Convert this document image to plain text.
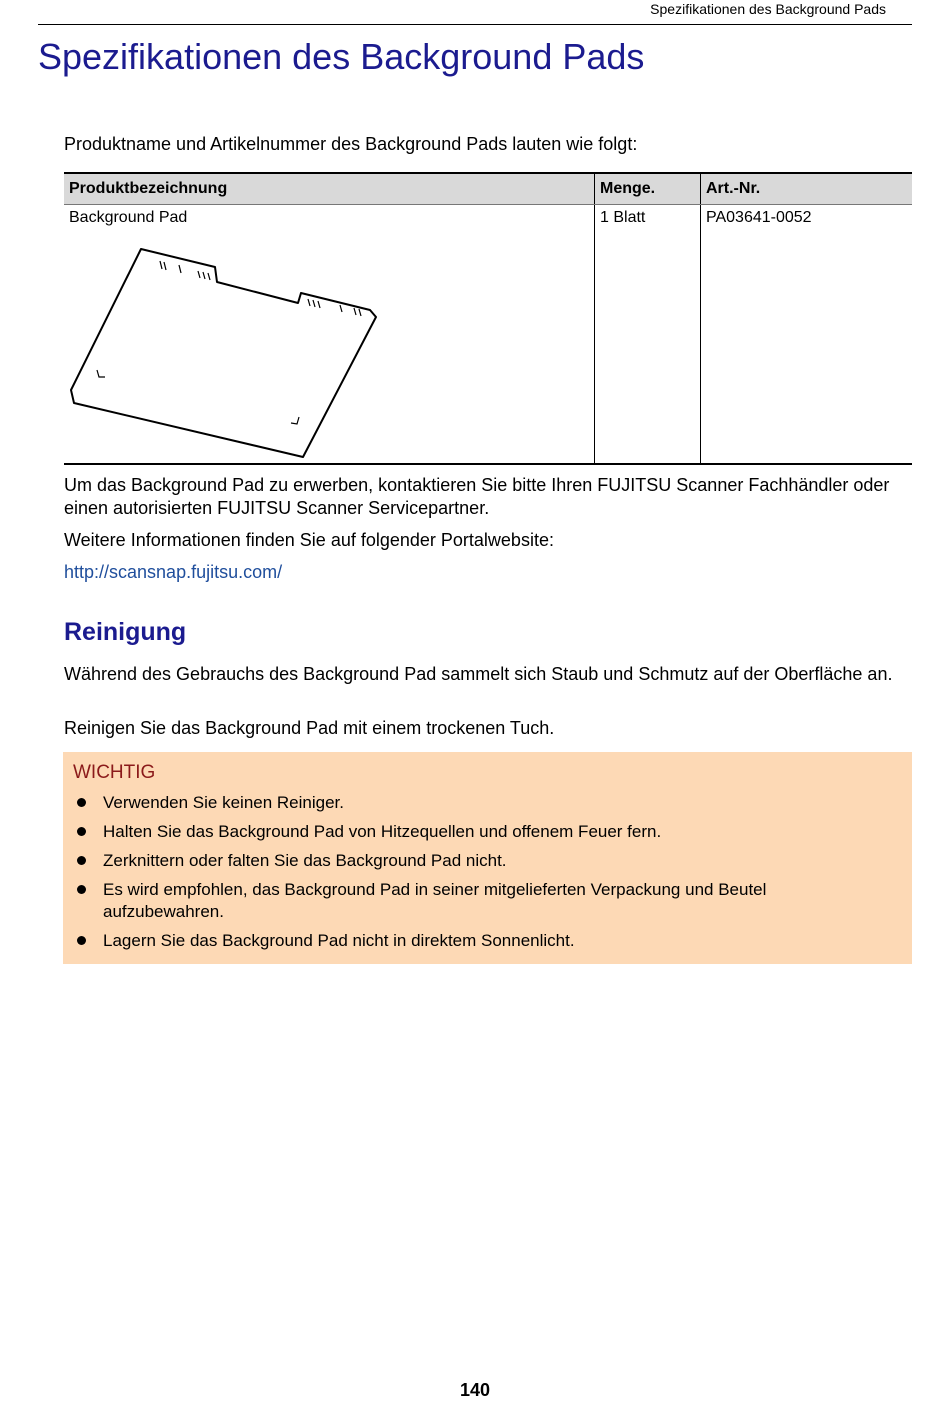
Spezifikationen des Background Pads
Spezifikationen des Background Pads

Produktname und Artikelnummer des Background Pads lauten wie folgt:

Produktbezeichnung	Menge.	Art.-Nr.

Background Pad	1 Blatt	PA03641-0052

Um das Background Pad zu erwerben, kontaktieren Sie bitte Ihren FUJITSU Scanner Fachhändler oder einen autorisierten FUJITSU Scanner Servicepartner.

Weitere Informationen finden Sie auf folgender Portalwebsite:

http://scansnap.fujitsu.com/

Reinigung

Während des Gebrauchs des Background Pad sammelt sich Staub und Schmutz auf der Oberfläche an.

Reinigen Sie das Background Pad mit einem trockenen Tuch.

WICHTIG
Verwenden Sie keinen Reiniger.
Halten Sie das Background Pad von Hitzequellen und offenem Feuer fern.
Zerknittern oder falten Sie das Background Pad nicht.
Es wird empfohlen, das Background Pad in seiner mitgelieferten Verpackung und Beutel aufzubewahren.
Lagern Sie das Background Pad nicht in direktem Sonnenlicht.
140
